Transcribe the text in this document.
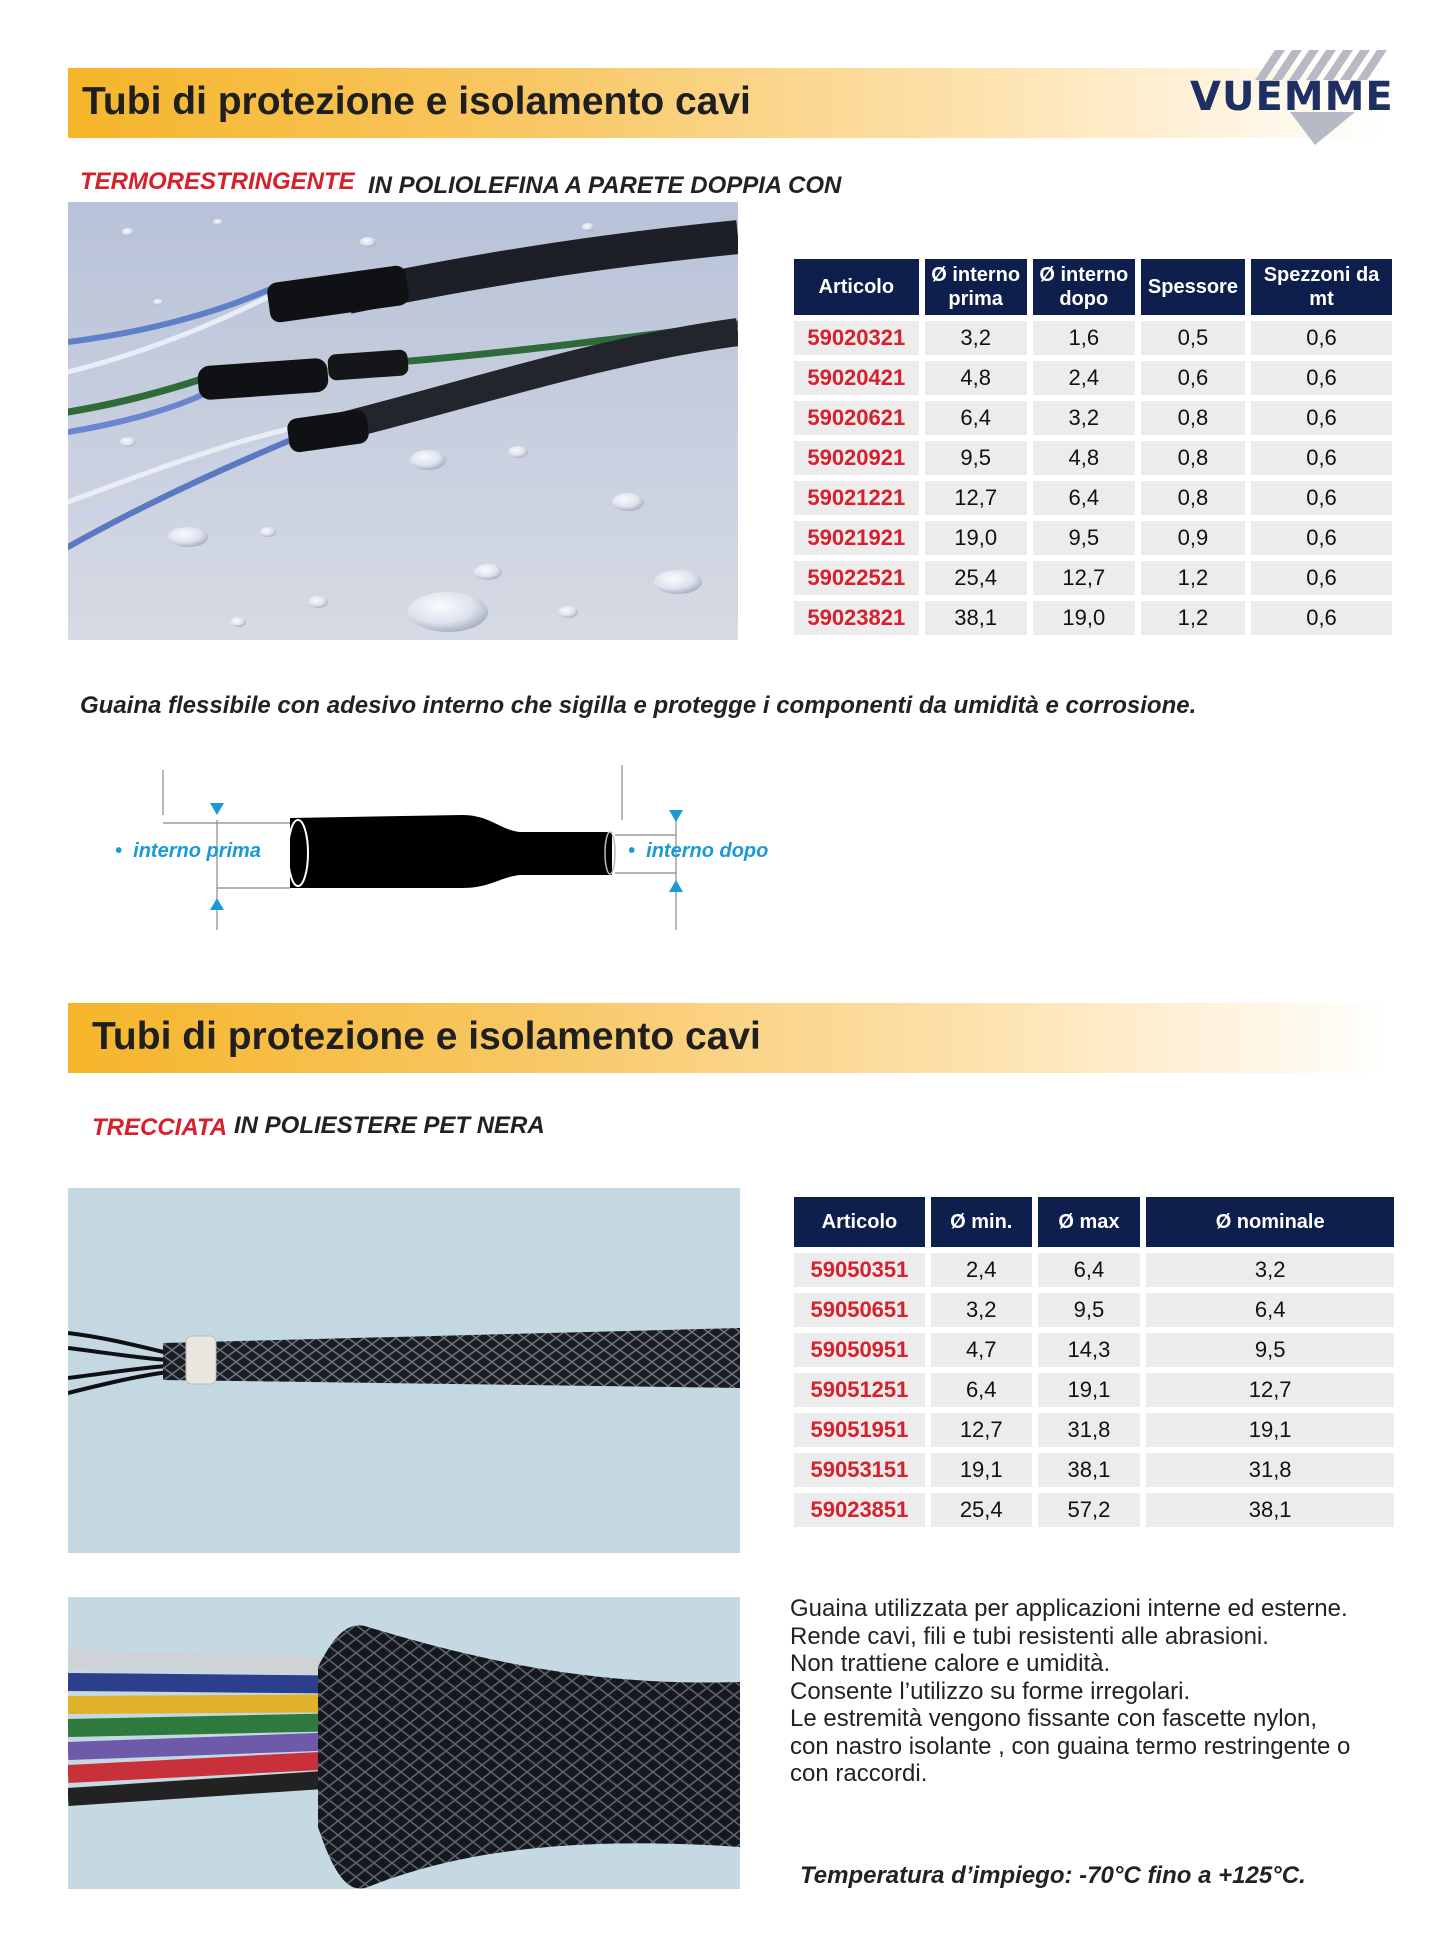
Tubi di protezione e isolamento cavi	VUEMME
TERMORESTRINGENTE IN POLIOLEFINA A PARETE DOPPIA CON
Articolo	Ø interno prima	Ø interno dopo	Spessore	Spezzoni da mt
59020321	3,2	1,6	0,5	0,6
59020421	4,8	2,4	0,6	0,6
59020621	6,4	3,2	0,8	0,6
59020921	9,5	4,8	0,8	0,6
59021221	12,7	6,4	0,8	0,6
59021921	19,0	9,5	0,9	0,6
59022521	25,4	12,7	1,2	0,6
59023821	38,1	19,0	1,2	0,6
Guaina flessibile con adesivo interno che sigilla e protegge i componenti da umidità e corrosione.
• interno prima	• interno dopo
Tubi di protezione e isolamento cavi
TRECCIATA IN POLIESTERE PET NERA
Articolo	Ø min.	Ø max	Ø nominale
59050351	2,4	6,4	3,2
59050651	3,2	9,5	6,4
59050951	4,7	14,3	9,5
59051251	6,4	19,1	12,7
59051951	12,7	31,8	19,1
59053151	19,1	38,1	31,8
59023851	25,4	57,2	38,1
Guaina utilizzata per applicazioni interne ed esterne.
Rende cavi, fili e tubi resistenti alle abrasioni.
Non trattiene calore e umidità.
Consente l’utilizzo su forme irregolari.
Le estremità vengono fissante con fascette nylon,
con nastro isolante , con guaina termo restringente o
con raccordi.
Temperatura d’impiego: -70°C fino a +125°C.
